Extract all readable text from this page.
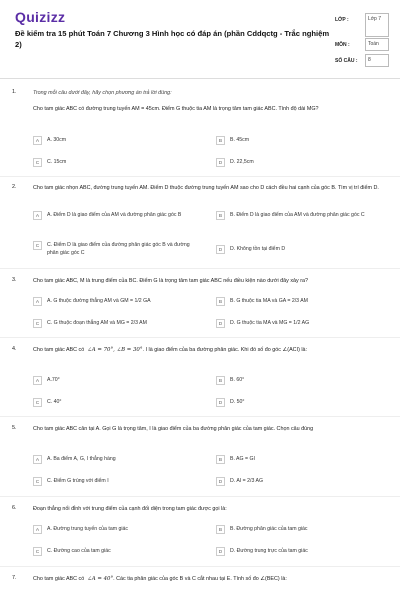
Quizizz
Đề kiểm tra 15 phút Toán 7 Chương 3 Hình học có đáp án (phần Cddqctg - Trắc nghiệm 2)
LỚP :	Lớp 7
MÔN :	Toán
SỐ CÂU : 8
1.	Trong mỗi câu dưới đây, hãy chọn phương án trả lời đúng:
Cho tam giác ABC có đường trung tuyến AM = 45cm. Điểm G thuộc tia AM là trọng tâm tam giác ABC. Tính độ dài MG?
A	A. 30cm	B	B. 45cm
C	C. 15cm	D	D. 22,5cm
2.	Cho tam giác nhọn ABC, đường trung tuyến AM. Điểm D thuộc đường trung tuyến AM sao cho D cách đều hai cạnh của góc B. Tìm vị trí điểm D.
A	A. Điểm D là giao điểm của AM và đường phân giác góc B	B	B. Điểm D là giao điểm của AM và đường phân giác góc C
C	C. Điểm D là giao điểm của đường phân giác góc B và đường phân giác góc C	D	D. Không tồn tại điểm D
3.	Cho tam giác ABC, M là trung điểm của BC. Điểm G là trọng tâm tam giác ABC nếu điều kiện nào dưới đây xảy ra?
A	A. G thuộc đường thẳng AM và GM = 1/2 GA	B	B. G thuộc tia MA và GA = 2/3 AM
C	C. G thuộc đoạn thẳng AM và MG = 2/3 AM	D	D. G thuộc tia MA và MG = 1/2 AG
4.	Cho tam giác ABC có ∠A = 70°, ∠B = 30°. I là giao điểm của ba đường phân giác. Khi đó số đo góc ∠(ACI) là:
A	A.70°	B	B. 60°
C	C. 40°	D	D. 50°
5.	Cho tam giác ABC cân tại A. Gọi G là trọng tâm, I là giao điểm của ba đường phân giác của tam giác. Chọn câu đúng
A	A. Ba điểm A, G, I thẳng hàng	B	B. AG = GI
C	C. Điểm G trùng với điểm I	D	D. AI = 2/3 AG
6.	Đoạn thẳng nối đỉnh với trung điểm của cạnh đối diện trong tam giác được gọi là:
A	A. Đường trung tuyến của tam giác	B	B. Đường phân giác của tam giác
C	C. Đường cao của tam giác	D	D. Đường trung trực của tam giác
7.	Cho tam giác ABC có ∠A = 40°. Các tia phân giác của góc B và C cắt nhau tại E. Tính số đo ∠(BEC) là:
